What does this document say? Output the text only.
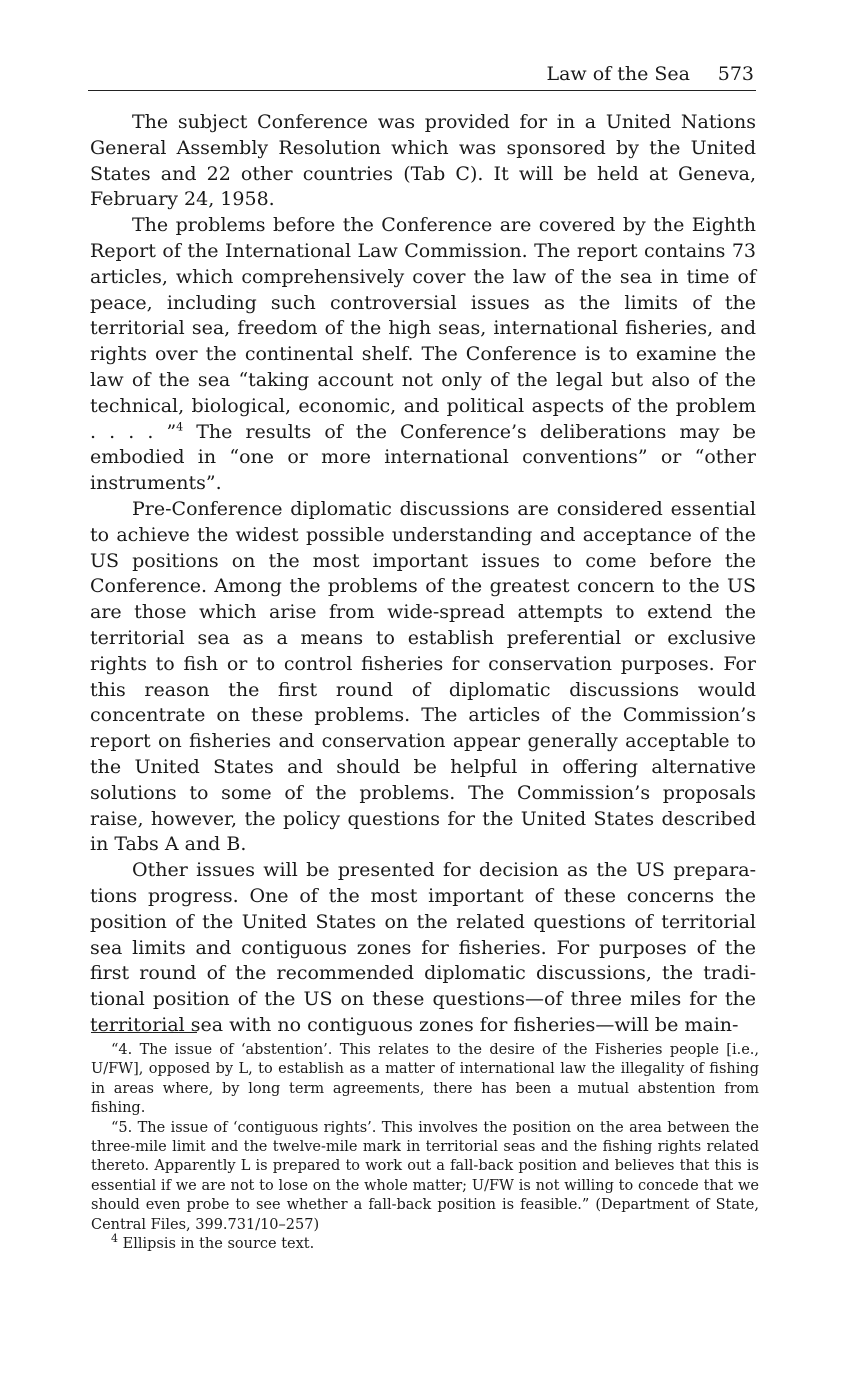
Law of the Sea 573

The subject Conference was provided for in a United Nations General Assembly Resolution which was sponsored by the United States and 22 other countries (Tab C). It will be held at Geneva, February 24, 1958.

The problems before the Conference are covered by the Eighth Report of the International Law Commission. The report contains 73 articles, which comprehensively cover the law of the sea in time of peace, including such controversial issues as the limits of the territorial sea, freedom of the high seas, international fisheries, and rights over the continental shelf. The Conference is to examine the law of the sea “taking account not only of the legal but also of the technical, biological, economic, and political aspects of the problem . . . . ”$^4$ The results of the Conference’s deliberations may be embodied in “one or more international conventions” or “other instruments”.

Pre-Conference diplomatic discussions are considered essential to achieve the widest possible understanding and acceptance of the US positions on the most important issues to come before the Conference. Among the problems of the greatest concern to the US are those which arise from wide-spread attempts to extend the territorial sea as a means to establish preferential or exclusive rights to fish or to control fisheries for conservation purposes. For this reason the first round of diplomatic discussions would concentrate on these problems. The articles of the Commission’s report on fisheries and conservation appear generally acceptable to the United States and should be helpful in offering alternative solutions to some of the problems. The Commission’s proposals raise, however, the policy questions for the United States described in Tabs A and B.

Other issues will be presented for decision as the US preparations progress. One of the most important of these concerns the position of the United States on the related questions of territorial sea limits and contiguous zones for fisheries. For purposes of the first round of the recommended diplomatic discussions, the traditional position of the US on these questions—of three miles for the territorial sea with no contiguous zones for fisheries—will be main-

“4. The issue of ‘abstention’. This relates to the desire of the Fisheries people [i.e., U/FW], opposed by L, to establish as a matter of international law the illegality of fishing in areas where, by long term agreements, there has been a mutual abstention from fishing.

“5. The issue of ‘contiguous rights’. This involves the position on the area between the three-mile limit and the twelve-mile mark in territorial seas and the fishing rights related thereto. Apparently L is prepared to work out a fall-back position and believes that this is essential if we are not to lose on the whole matter; U/FW is not willing to concede that we should even probe to see whether a fall-back position is feasible.” (Department of State, Central Files, 399.731/10–257)

$^4$ Ellipsis in the source text.
